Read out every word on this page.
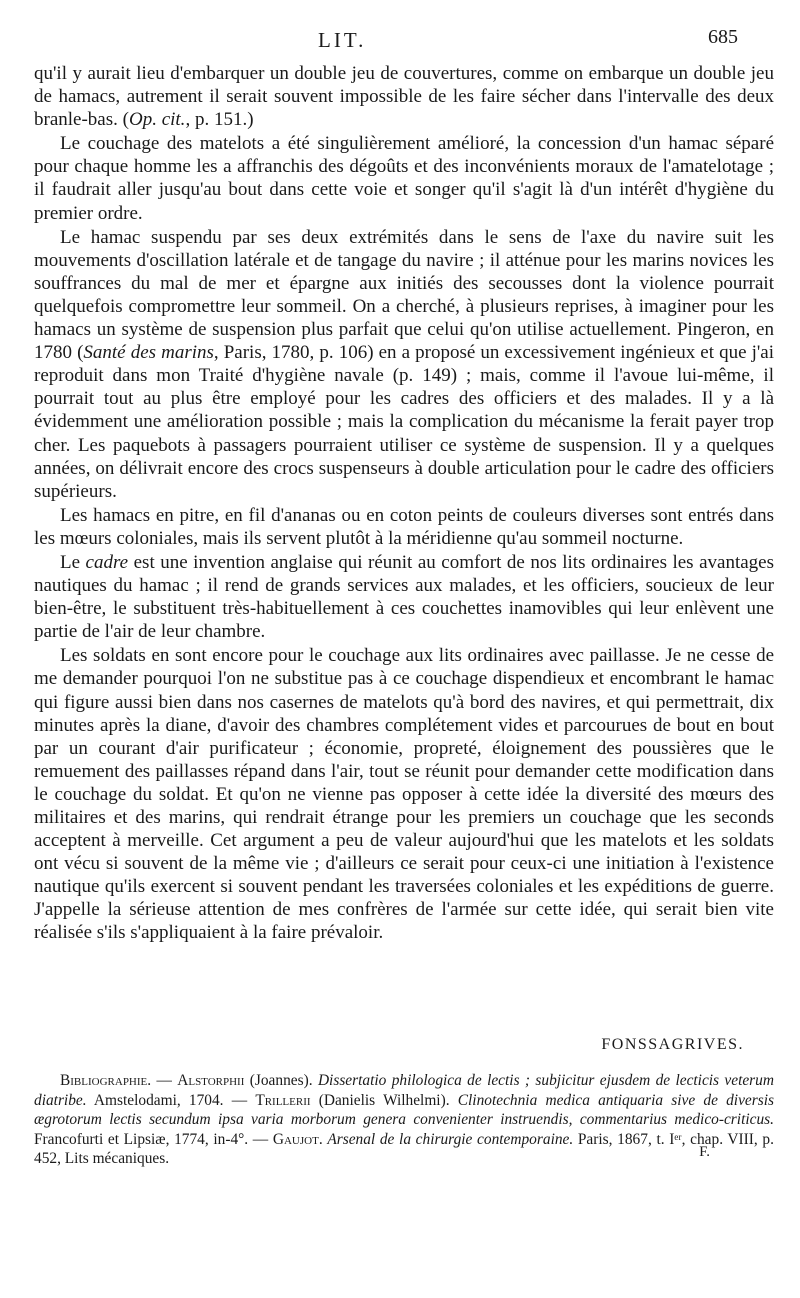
LIT.	685

qu'il y aurait lieu d'embarquer un double jeu de couvertures, comme on embarque un double jeu de hamacs, autrement il serait souvent impossible de les faire sécher dans l'intervalle des deux branle-bas. (Op. cit., p. 151.)

Le couchage des matelots a été singulièrement amélioré, la concession d'un hamac séparé pour chaque homme les a affranchis des dégoûts et des inconvénients moraux de l'amatelotage ; il faudrait aller jusqu'au bout dans cette voie et songer qu'il s'agit là d'un intérêt d'hygiène du premier ordre.

Le hamac suspendu par ses deux extrémités dans le sens de l'axe du navire suit les mouvements d'oscillation latérale et de tangage du navire ; il atténue pour les marins novices les souffrances du mal de mer et épargne aux initiés des secousses dont la violence pourrait quelquefois compromettre leur sommeil. On a cherché, à plusieurs reprises, à imaginer pour les hamacs un système de suspension plus parfait que celui qu'on utilise actuellement. Pingeron, en 1780 (Santé des marins, Paris, 1780, p. 106) en a proposé un excessivement ingénieux et que j'ai reproduit dans mon Traité d'hygiène navale (p. 149) ; mais, comme il l'avoue lui-même, il pourrait tout au plus être employé pour les cadres des officiers et des malades. Il y a là évidemment une amélioration possible ; mais la complication du mécanisme la ferait payer trop cher. Les paquebots à passagers pourraient utiliser ce système de suspension. Il y a quelques années, on délivrait encore des crocs suspenseurs à double articulation pour le cadre des officiers supérieurs.

Les hamacs en pitre, en fil d'ananas ou en coton peints de couleurs diverses sont entrés dans les mœurs coloniales, mais ils servent plutôt à la méridienne qu'au sommeil nocturne.

Le cadre est une invention anglaise qui réunit au comfort de nos lits ordinaires les avantages nautiques du hamac ; il rend de grands services aux malades, et les officiers, soucieux de leur bien-être, le substituent très-habituellement à ces couchettes inamovibles qui leur enlèvent une partie de l'air de leur chambre.

Les soldats en sont encore pour le couchage aux lits ordinaires avec paillasse. Je ne cesse de me demander pourquoi l'on ne substitue pas à ce couchage dispendieux et encombrant le hamac qui figure aussi bien dans nos casernes de matelots qu'à bord des navires, et qui permettrait, dix minutes après la diane, d'avoir des chambres complétement vides et parcourues de bout en bout par un courant d'air purificateur ; économie, propreté, éloignement des poussières que le remuement des paillasses répand dans l'air, tout se réunit pour demander cette modification dans le couchage du soldat. Et qu'on ne vienne pas opposer à cette idée la diversité des mœurs des militaires et des marins, qui rendrait étrange pour les premiers un couchage que les seconds acceptent à merveille. Cet argument a peu de valeur aujourd'hui que les matelots et les soldats ont vécu si souvent de la même vie ; d'ailleurs ce serait pour ceux-ci une initiation à l'existence nautique qu'ils exercent si souvent pendant les traversées coloniales et les expéditions de guerre. J'appelle la sérieuse attention de mes confrères de l'armée sur cette idée, qui serait bien vite réalisée s'ils s'appliquaient à la faire prévaloir.

FONSSAGRIVES.
Bibliographie. — Alstorphii (Joannes). Dissertatio philologica de lectis ; subjicitur ejusdem de lecticis veterum diatribe. Amstelodami, 1704. — Trillerii (Danielis Wilhelmi). Clinotechnia medica antiquaria sive de diversis ægrotorum lectis secundum ipsa varia morborum genera convenienter instruendis, commentarius medico-criticus. Francofurti et Lipsiæ, 1774, in-4°. — Gaujot. Arsenal de la chirurgie contemporaine. Paris, 1867, t. Iᵉʳ, chap. VIII, p. 452, Lits mécaniques.	F.
